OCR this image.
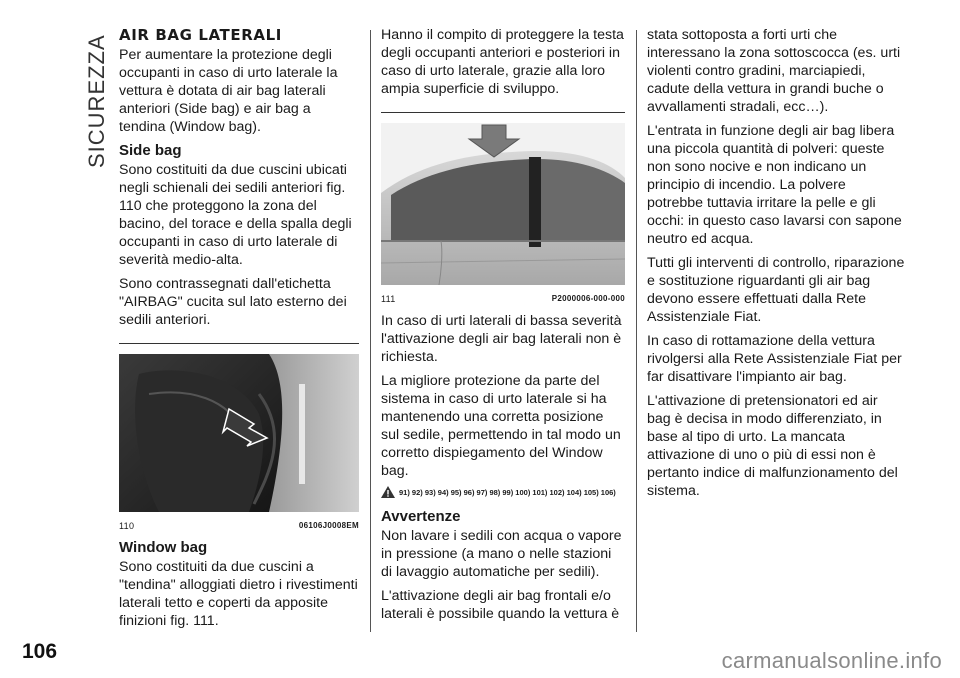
SICUREZZA
106
AIR BAG LATERALI

Per aumentare la protezione degli occupanti in caso di urto laterale la vettura è dotata di air bag laterali anteriori (Side bag) e air bag a tendina (Window bag).

Side bag

Sono costituiti da due cuscini ubicati negli schienali dei sedili anteriori fig. 110 che proteggono la zona del bacino, del torace e della spalla degli occupanti in caso di urto laterale di severità medio-alta.

Sono contrassegnati dall'etichetta "AIRBAG" cucita sul lato esterno dei sedili anteriori.

110	06106J0008EM
Window bag

Sono costituiti da due cuscini a "tendina" alloggiati dietro i rivestimenti laterali tetto e coperti da apposite finizioni fig. 111.

Hanno il compito di proteggere la testa degli occupanti anteriori e posteriori in caso di urto laterale, grazie alla loro ampia superficie di sviluppo.

111	P2000006-000-000

In caso di urti laterali di bassa severità l'attivazione degli air bag laterali non è richiesta.

La migliore protezione da parte del sistema in caso di urto laterale si ha mantenendo una corretta posizione sul sedile, permettendo in tal modo un corretto dispiegamento del Window bag.

91) 92) 93) 94) 95) 96) 97) 98) 99) 100) 101) 102) 104) 105) 106)
Avvertenze

Non lavare i sedili con acqua o vapore in pressione (a mano o nelle stazioni di lavaggio automatiche per sedili).

L'attivazione degli air bag frontali e/o laterali è possibile quando la vettura è

stata sottoposta a forti urti che interessano la zona sottoscocca (es. urti violenti contro gradini, marciapiedi, cadute della vettura in grandi buche o avvallamenti stradali, ecc…).

L'entrata in funzione degli air bag libera una piccola quantità di polveri: queste non sono nocive e non indicano un principio di incendio. La polvere potrebbe tuttavia irritare la pelle e gli occhi: in questo caso lavarsi con sapone neutro ed acqua.

Tutti gli interventi di controllo, riparazione e sostituzione riguardanti gli air bag devono essere effettuati dalla Rete Assistenziale Fiat.

In caso di rottamazione della vettura rivolgersi alla Rete Assistenziale Fiat per far disattivare l'impianto air bag.

L'attivazione di pretensionatori ed air bag è decisa in modo differenziato, in base al tipo di urto. La mancata attivazione di uno o più di essi non è pertanto indice di malfunzionamento del sistema.

carmanualsonline.info
